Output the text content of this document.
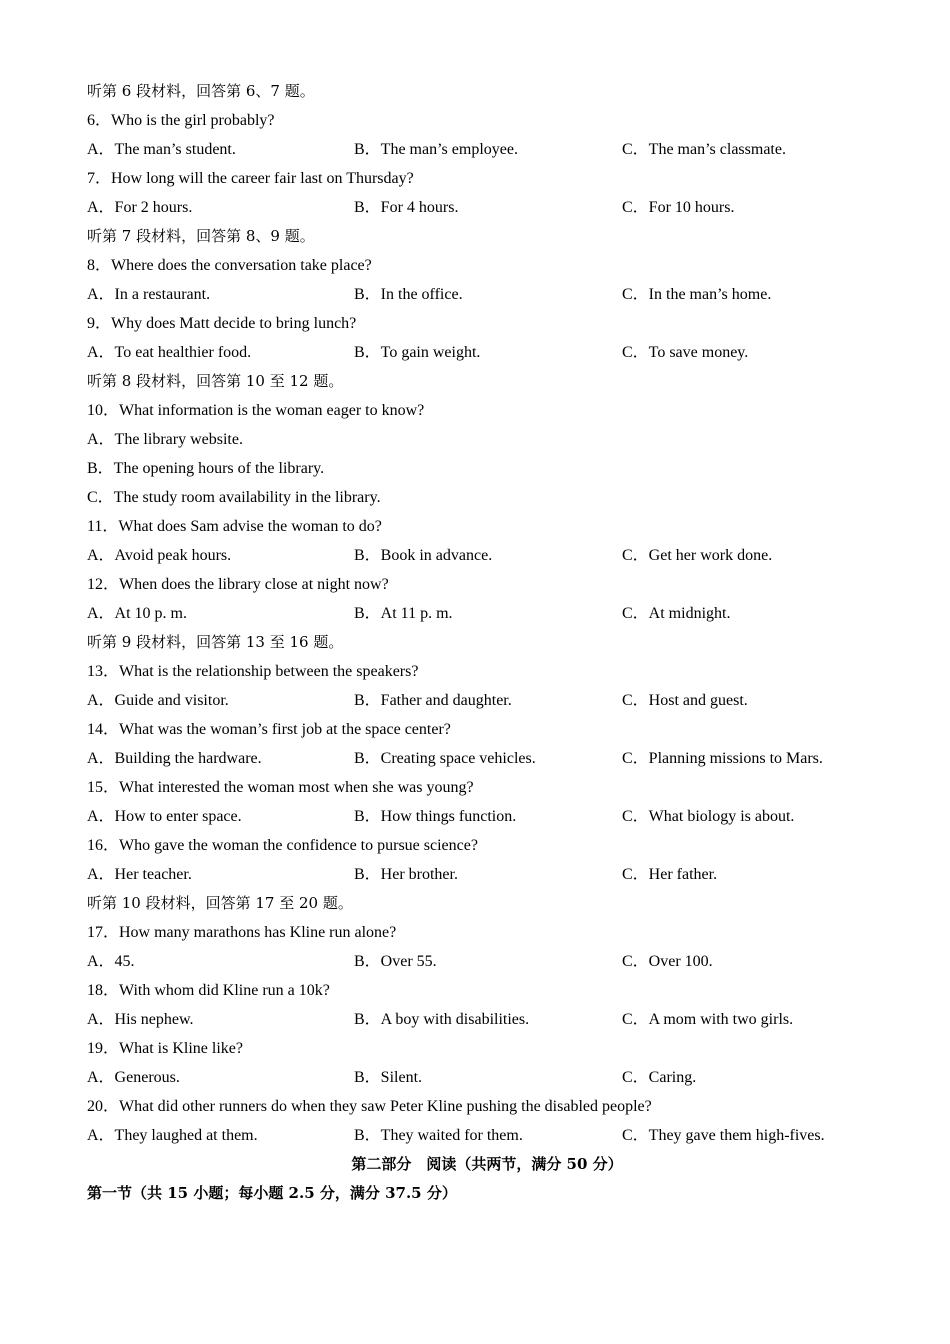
听第 6 段材料，回答第 6、7 题。
6．Who is the girl probably?
A．The man’s student.	B．The man’s employee.	C．The man’s classmate.
7．How long will the career fair last on Thursday?
A．For 2 hours.	B．For 4 hours.	C．For 10 hours.
听第 7 段材料，回答第 8、9 题。
8．Where does the conversation take place?
A．In a restaurant.	B．In the office.	C．In the man’s home.
9．Why does Matt decide to bring lunch?
A．To eat healthier food.	B．To gain weight.	C．To save money.
听第 8 段材料，回答第 10 至 12 题。
10．What information is the woman eager to know?
A．The library website.
B．The opening hours of the library.
C．The study room availability in the library.
11．What does Sam advise the woman to do?
A．Avoid peak hours.	B．Book in advance.	C．Get her work done.
12．When does the library close at night now?
A．At 10 p. m.	B．At 11 p. m.	C．At midnight.
听第 9 段材料，回答第 13 至 16 题。
13．What is the relationship between the speakers?
A．Guide and visitor.	B．Father and daughter.	C．Host and guest.
14．What was the woman’s first job at the space center?
A．Building the hardware.	B．Creating space vehicles.	C．Planning missions to Mars.
15．What interested the woman most when she was young?
A．How to enter space.	B．How things function.	C．What biology is about.
16．Who gave the woman the confidence to pursue science?
A．Her teacher.	B．Her brother.	C．Her father.
听第 10 段材料，回答第 17 至 20 题。
17．How many marathons has Kline run alone?
A．45.	B．Over 55.	C．Over 100.
18．With whom did Kline run a 10k?
A．His nephew.	B．A boy with disabilities.	C．A mom with two girls.
19．What is Kline like?
A．Generous.	B．Silent.	C．Caring.
20．What did other runners do when they saw Peter Kline pushing the disabled people?
A．They laughed at them.	B．They waited for them.	C．They gave them high-fives.
第二部分　阅读（共两节，满分 50 分）
第一节（共 15 小题；每小题 2.5 分，满分 37.5 分）
